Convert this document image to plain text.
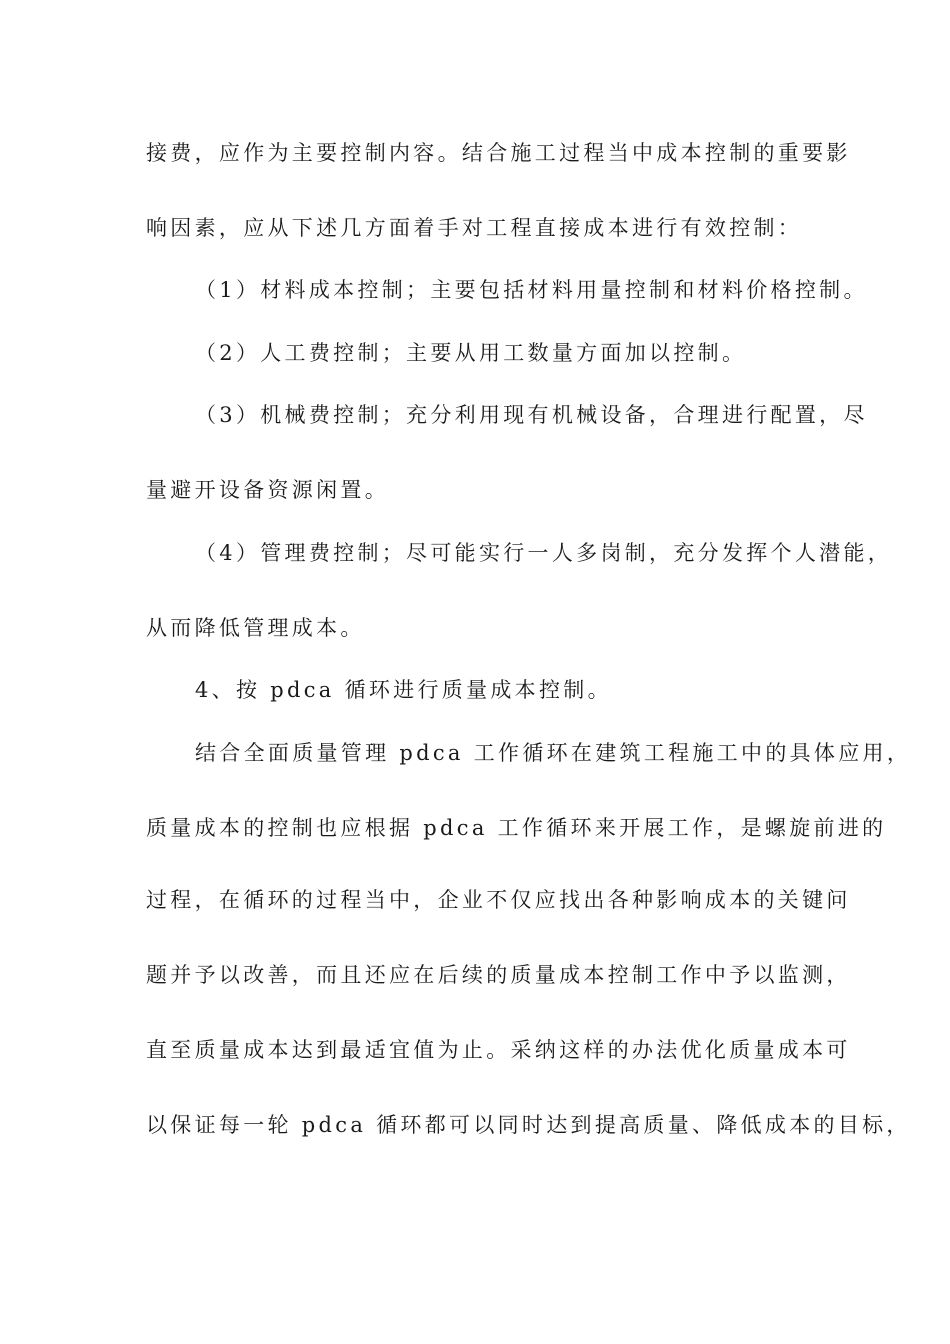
接费，应作为主要控制内容。结合施工过程当中成本控制的重要影
响因素，应从下述几方面着手对工程直接成本进行有效控制：
（1）材料成本控制；主要包括材料用量控制和材料价格控制。
（2）人工费控制；主要从用工数量方面加以控制。
（3）机械费控制；充分利用现有机械设备，合理进行配置，尽
量避开设备资源闲置。
（4）管理费控制；尽可能实行一人多岗制，充分发挥个人潜能，
从而降低管理成本。
4、按 pdca 循环进行质量成本控制。
结合全面质量管理 pdca 工作循环在建筑工程施工中的具体应用，
质量成本的控制也应根据 pdca 工作循环来开展工作，是螺旋前进的
过程，在循环的过程当中，企业不仅应找出各种影响成本的关键问
题并予以改善，而且还应在后续的质量成本控制工作中予以监测，
直至质量成本达到最适宜值为止。采纳这样的办法优化质量成本可
以保证每一轮 pdca 循环都可以同时达到提高质量、降低成本的目标，
